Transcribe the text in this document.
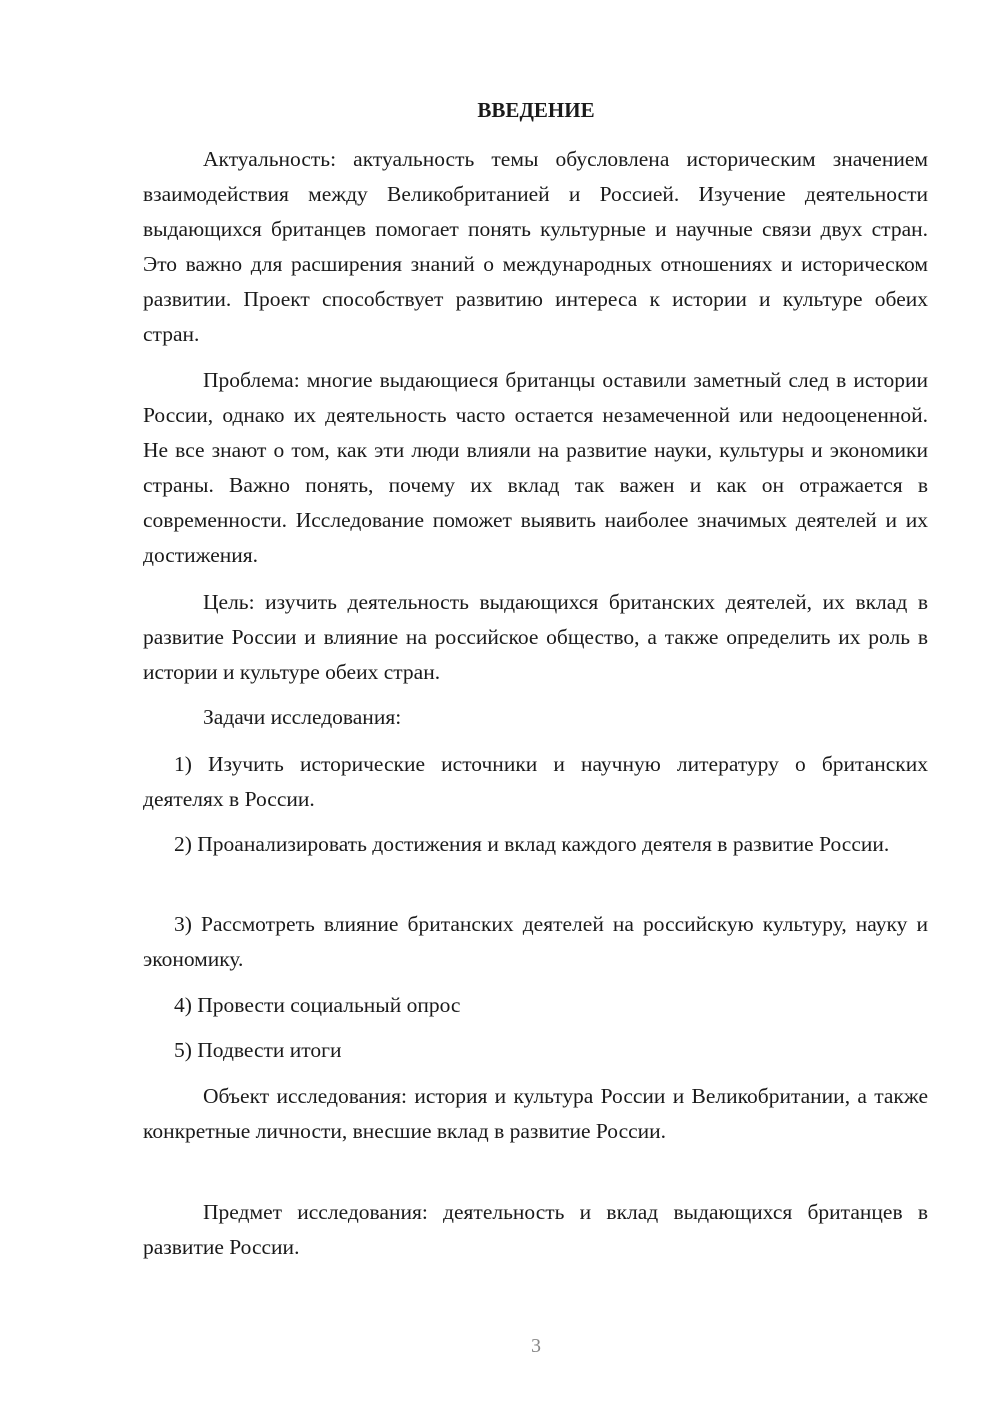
ВВЕДЕНИЕ

Актуальность: актуальность темы обусловлена историческим значением взаимодействия между Великобританией и Россией. Изучение деятельности выдающихся британцев помогает понять культурные и научные связи двух стран. Это важно для расширения знаний о международных отношениях и историческом развитии. Проект способствует развитию интереса к истории и культуре обеих стран.

Проблема: многие выдающиеся британцы оставили заметный след в истории России, однако их деятельность часто остается незамеченной или недооцененной. Не все знают о том, как эти люди влияли на развитие науки, культуры и экономики страны. Важно понять, почему их вклад так важен и как он отражается в современности. Исследование поможет выявить наиболее значимых деятелей и их достижения.

Цель: изучить деятельность выдающихся британских деятелей, их вклад в развитие России и влияние на российское общество, а также определить их роль в истории и культуре обеих стран.

Задачи исследования:

1) Изучить исторические источники и научную литературу о британских деятелях в России.

2) Проанализировать достижения и вклад каждого деятеля в развитие России.

3) Рассмотреть влияние британских деятелей на российскую культуру, науку и экономику.

4) Провести социальный опрос

5) Подвести итоги

Объект исследования: история и культура России и Великобритании, а также конкретные личности, внесшие вклад в развитие России.

Предмет исследования: деятельность и вклад выдающихся британцев в развитие России.

3
